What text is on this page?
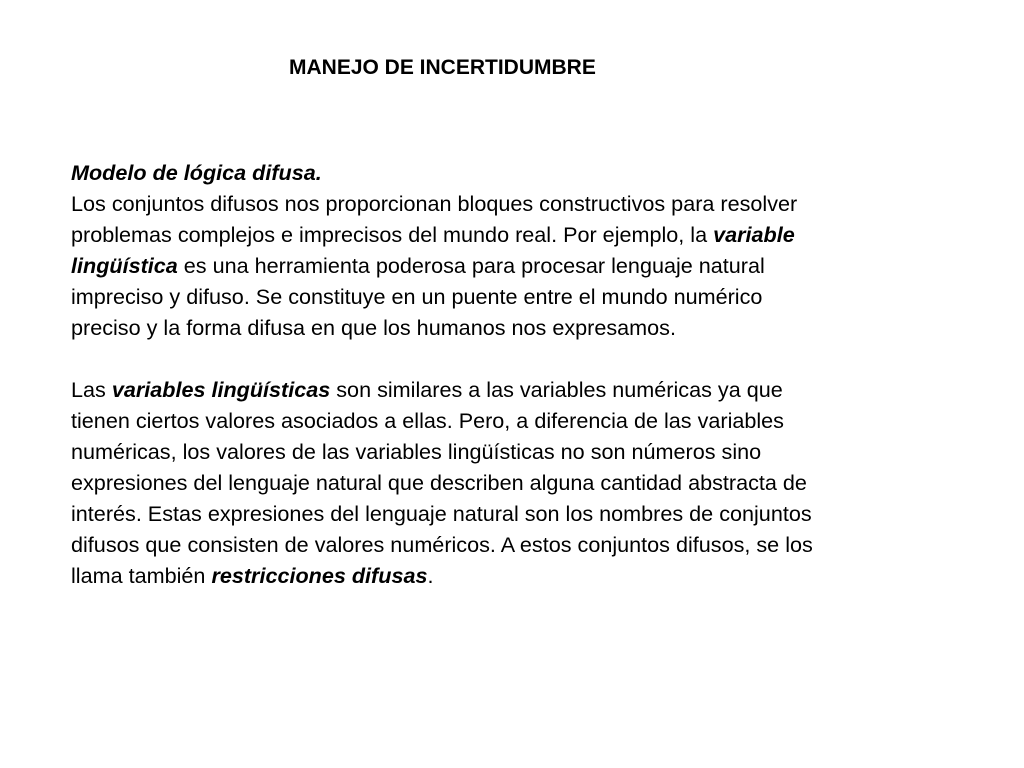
MANEJO DE INCERTIDUMBRE
Modelo de lógica difusa.
Los conjuntos difusos nos proporcionan bloques constructivos para resolver
problemas complejos e imprecisos del mundo real. Por ejemplo, la variable
lingüística es una herramienta poderosa para procesar lenguaje natural
impreciso y difuso. Se constituye en un puente entre el mundo numérico
preciso y la forma difusa en que los humanos nos expresamos.
Las variables lingüísticas son similares a las variables numéricas ya que
tienen ciertos valores asociados a ellas. Pero, a diferencia de las variables
numéricas, los valores de las variables lingüísticas no son números sino
expresiones del lenguaje natural que describen alguna cantidad abstracta de
interés. Estas expresiones del lenguaje natural son los nombres de conjuntos
difusos que consisten de valores numéricos. A estos conjuntos difusos, se los
llama también restricciones difusas.
